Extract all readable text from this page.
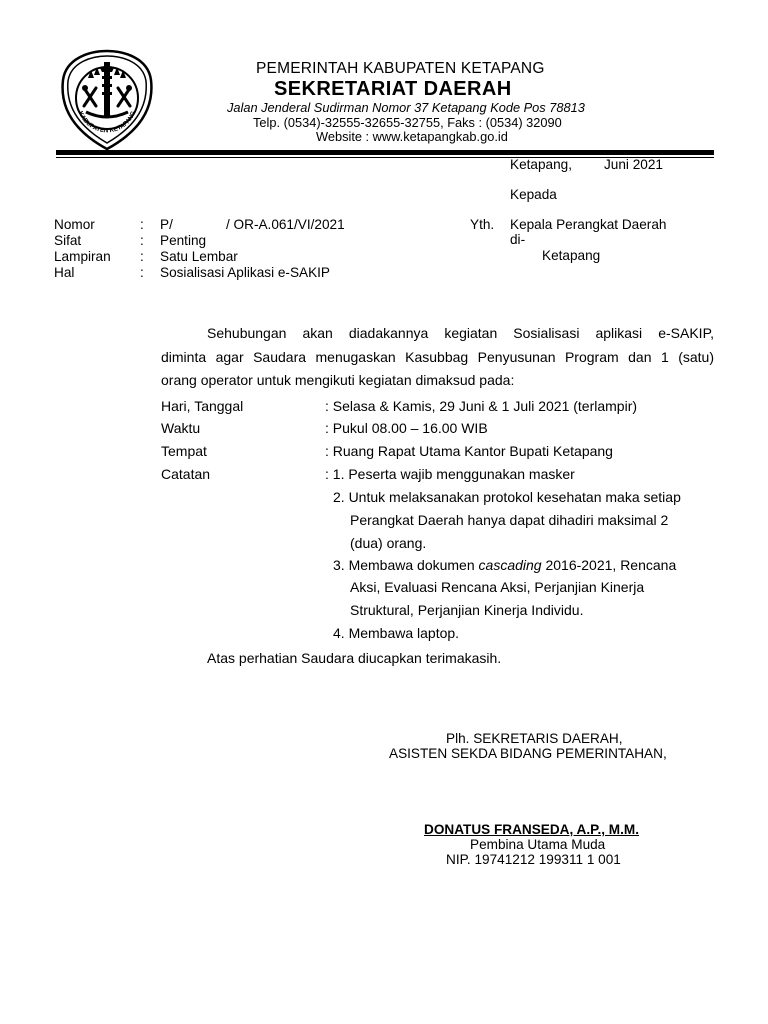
KABUPATEN KETAPANG
PEMERINTAH KABUPATEN KETAPANG
SEKRETARIAT DAERAH
Jalan Jenderal Sudirman Nomor 37 Ketapang Kode Pos 78813
Telp. (0534)-32555-32655-32755, Faks : (0534) 32090
Website : www.ketapangkab.go.id
Ketapang, Juni 2021
Kepada
Yth. Kepala Perangkat Daerah
di-
Ketapang
Nomor	: P/	/ OR-A.061/VI/2021
Sifat	: Penting
Lampiran : Satu Lembar
Hal	: Sosialisasi Aplikasi e-SAKIP
Sehubungan akan diadakannya kegiatan Sosialisasi aplikasi e-SAKIP,
diminta agar Saudara menugaskan Kasubbag Penyusunan Program dan 1 (satu)
orang operator untuk mengikuti kegiatan dimaksud pada:
Hari, Tanggal	: Selasa & Kamis, 29 Juni & 1 Juli 2021 (terlampir)
Waktu	: Pukul 08.00 – 16.00 WIB
Tempat	: Ruang Rapat Utama Kantor Bupati Ketapang
Catatan	: 1. Peserta wajib menggunakan masker
2. Untuk melaksanakan protokol kesehatan maka setiap
Perangkat Daerah hanya dapat dihadiri maksimal 2
(dua) orang.
3. Membawa dokumen cascading 2016-2021, Rencana
Aksi, Evaluasi Rencana Aksi, Perjanjian Kinerja
Struktural, Perjanjian Kinerja Individu.
4. Membawa laptop.
Atas perhatian Saudara diucapkan terimakasih.
Plh. SEKRETARIS DAERAH,
ASISTEN SEKDA BIDANG PEMERINTAHAN,
DONATUS FRANSEDA, A.P., M.M.
Pembina Utama Muda
NIP. 19741212 199311 1 001
